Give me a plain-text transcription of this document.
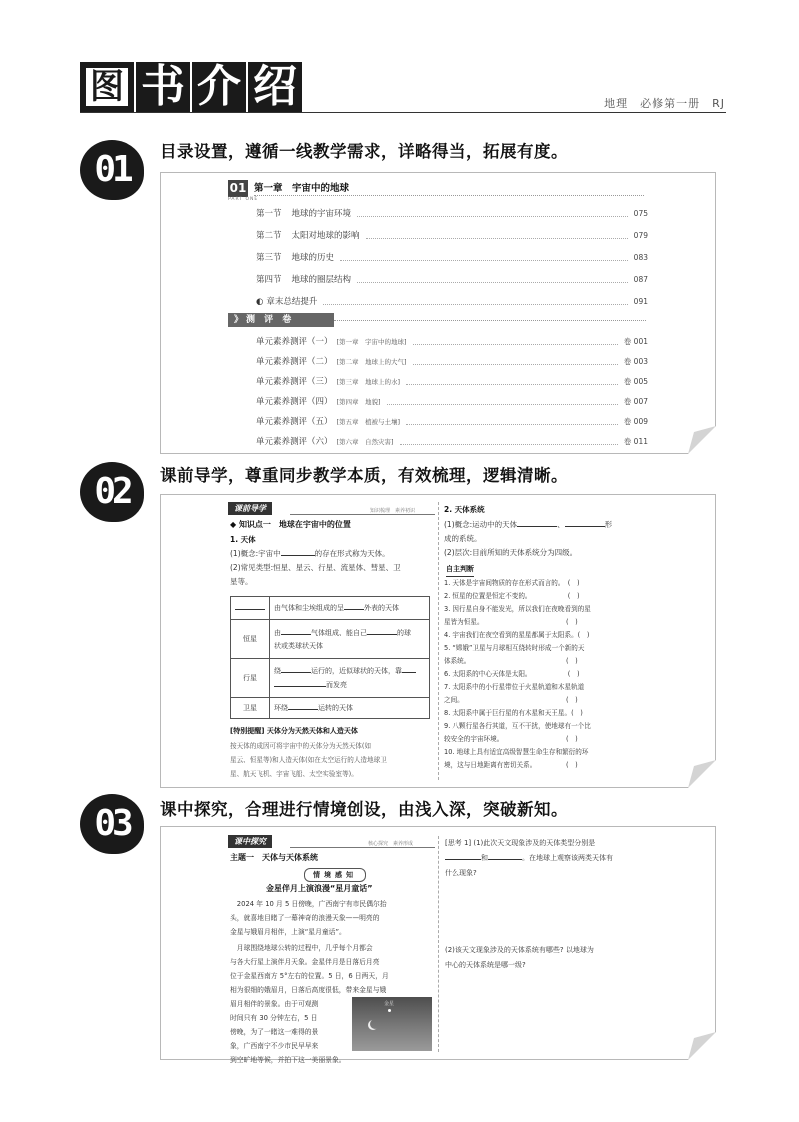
图 书 介 绍	地理　必修第一册　RJ
01	目录设置，遵循一线教学需求，详略得当，拓展有度。
01
PART ONE
第一章　宇宙中的地球
第一节 地球的宇宙环境	075
第二节 太阳对地球的影响	079
第三节 地球的历史	083
第四节 地球的圈层结构	087
◐ 章末总结提升	091
》测 评 卷
单元素养测评（一） [第一章　宇宙中的地球]	卷 001
单元素养测评（二） [第二章　地球上的大气]	卷 003
单元素养测评（三） [第三章　地球上的水]	卷 005
单元素养测评（四） [第四章　地貌]	卷 007
单元素养测评（五） [第五章　植被与土壤]	卷 009
单元素养测评（六） [第六章　自然灾害]	卷 011
02	课前导学，尊重同步教学本质，有效梳理，逻辑清晰。
课前导学	知识梳理　素养初识
◆ 知识点一　地球在宇宙中的位置
1. 天体
(1)概念:宇宙中	的存在形式称为天体。
(2)常见类型:恒星、星云、行星、流星体、彗星、卫
星等。
	由气体和尘埃组成的呈 外表的天体
恒星	由 气体组成、能自己 的球
状或类球状天体
行星	绕 运行的，近似球状的天体，靠
而发亮
卫星	环绕 运转的天体
[特别提醒] 天体分为天然天体和人造天体
按天体的成因可将宇宙中的天体分为天然天体(如
星云、恒星等)和人造天体(如在太空运行的人造地球卫
星、航天飞机、宇宙飞船、太空实验室等)。
2. 天体系统
(1)概念:运动中的天体	、	形
成的系统。
(2)层次:目前所知的天体系统分为四级。
自主判断
1. 天体是宇宙间物质的存在形式而言的。　(　)
2. 恒星的位置是恒定不变的。　　　　　　(　)
3. 因行星自身不能发光，所以我们在夜晚看到的星
星皆为恒星。　　　　　　　　　　　　　(　)
4. 宇宙我们在夜空看到的星星都属于太阳系。(　)
5. “嫦娥”卫星与月球相互绕转时形成一个新的天
体系统。　　　　　　　　　　　　　　　(　)
6. 太阳系的中心天体是太阳。　　　　　　(　)
7. 太阳系中的小行星带位于火星轨道和木星轨道
之间。　　　　　　　　　　　　　　　　(　)
8. 太阳系中属于巨行星的有木星和天王星。(　)
9. 八颗行星各行其道，互不干扰，使地球有一个比
较安全的宇宙环境。　　　　　　　　　　(　)
10. 地球上具有适宜高级智慧生命生存和繁衍的环
境，这与日地距离有密切关系。　　　　　(　)
03	课中探究，合理进行情境创设，由浅入深，突破新知。
课中探究	核心探究　素养形成
主题一　天体与天体系统
情境感知
金星伴月上演浪漫“星月童话”
　2024 年 10 月 5 日傍晚，广西南宁有市民偶尔抬
头，就喜地目睹了一幕神奇的浪漫天象——明亮的
金星与娥眉月相伴，上演“星月童话”。
　月球围绕地球公转的过程中，几乎每个月都会
与各大行星上演伴月天象。金星伴月是日落后月亮
位于金星西南方 5°左右的位置。5 日，6 日两天，月
相为很细的娥眉月，日落后高度很低，带来金星与娥
眉月相伴的景象。由于可观测
时间只有 30 分钟左右，5 日
傍晚，为了一睹这一难得的景
象，广西南宁不少市民早早来
到空旷地等候，并拍下这一美丽景象。
金星
[思考 1] (1)此次天文现象涉及的天体类型分别是
和	。在地球上观察该两类天体有
什么现象?
(2)该天文现象涉及的天体系统有哪些? 以地球为
中心的天体系统是哪一级?
